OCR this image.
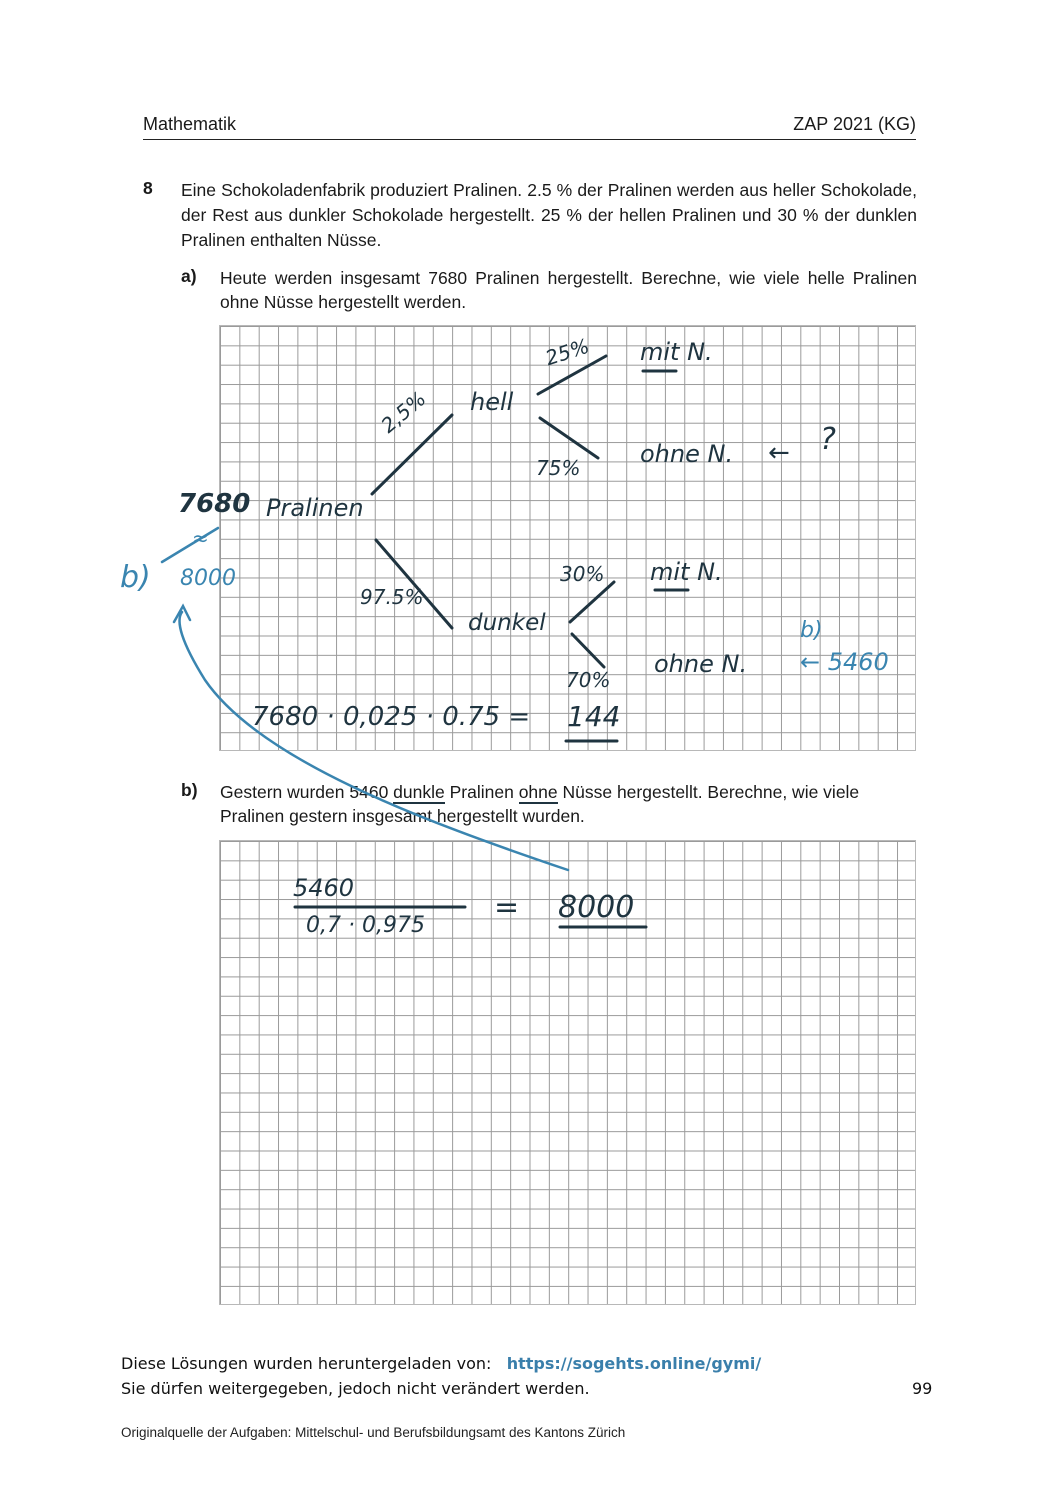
Mathematik	ZAP 2021 (KG)
8 Eine Schokoladenfabrik produziert Pralinen. 2.5 % der Pralinen werden aus heller Schokolade, der Rest aus dunkler Schokolade hergestellt. 25 % der hellen Pralinen und 30 % der dunklen Pralinen enthalten Nüsse.
a) Heute werden insgesamt 7680 Pralinen hergestellt. Berechne, wie viele helle Pralinen ohne Nüsse hergestellt werden.
b) Gestern wurden 5460 dunkle Pralinen ohne Nüsse hergestellt. Berechne, wie viele Pralinen gestern insgesamt hergestellt wurden.
7680 Pralinen
2,5% hell
25% mit N.
75% ohne N. ← ?
97.5%
dunkel
30% mit N.
70%
ohne N.
7680 · 0,025 · 0.75 = 144
b)
≈
8000
b)
← 5460
5460
0,7 · 0,975
= 8000
Diese Lösungen wurden heruntergeladen von: https://sogehts.online/gymi/
Sie dürfen weitergegeben, jedoch nicht verändert werden.	99
Originalquelle der Aufgaben: Mittelschul- und Berufsbildungsamt des Kantons Zürich
